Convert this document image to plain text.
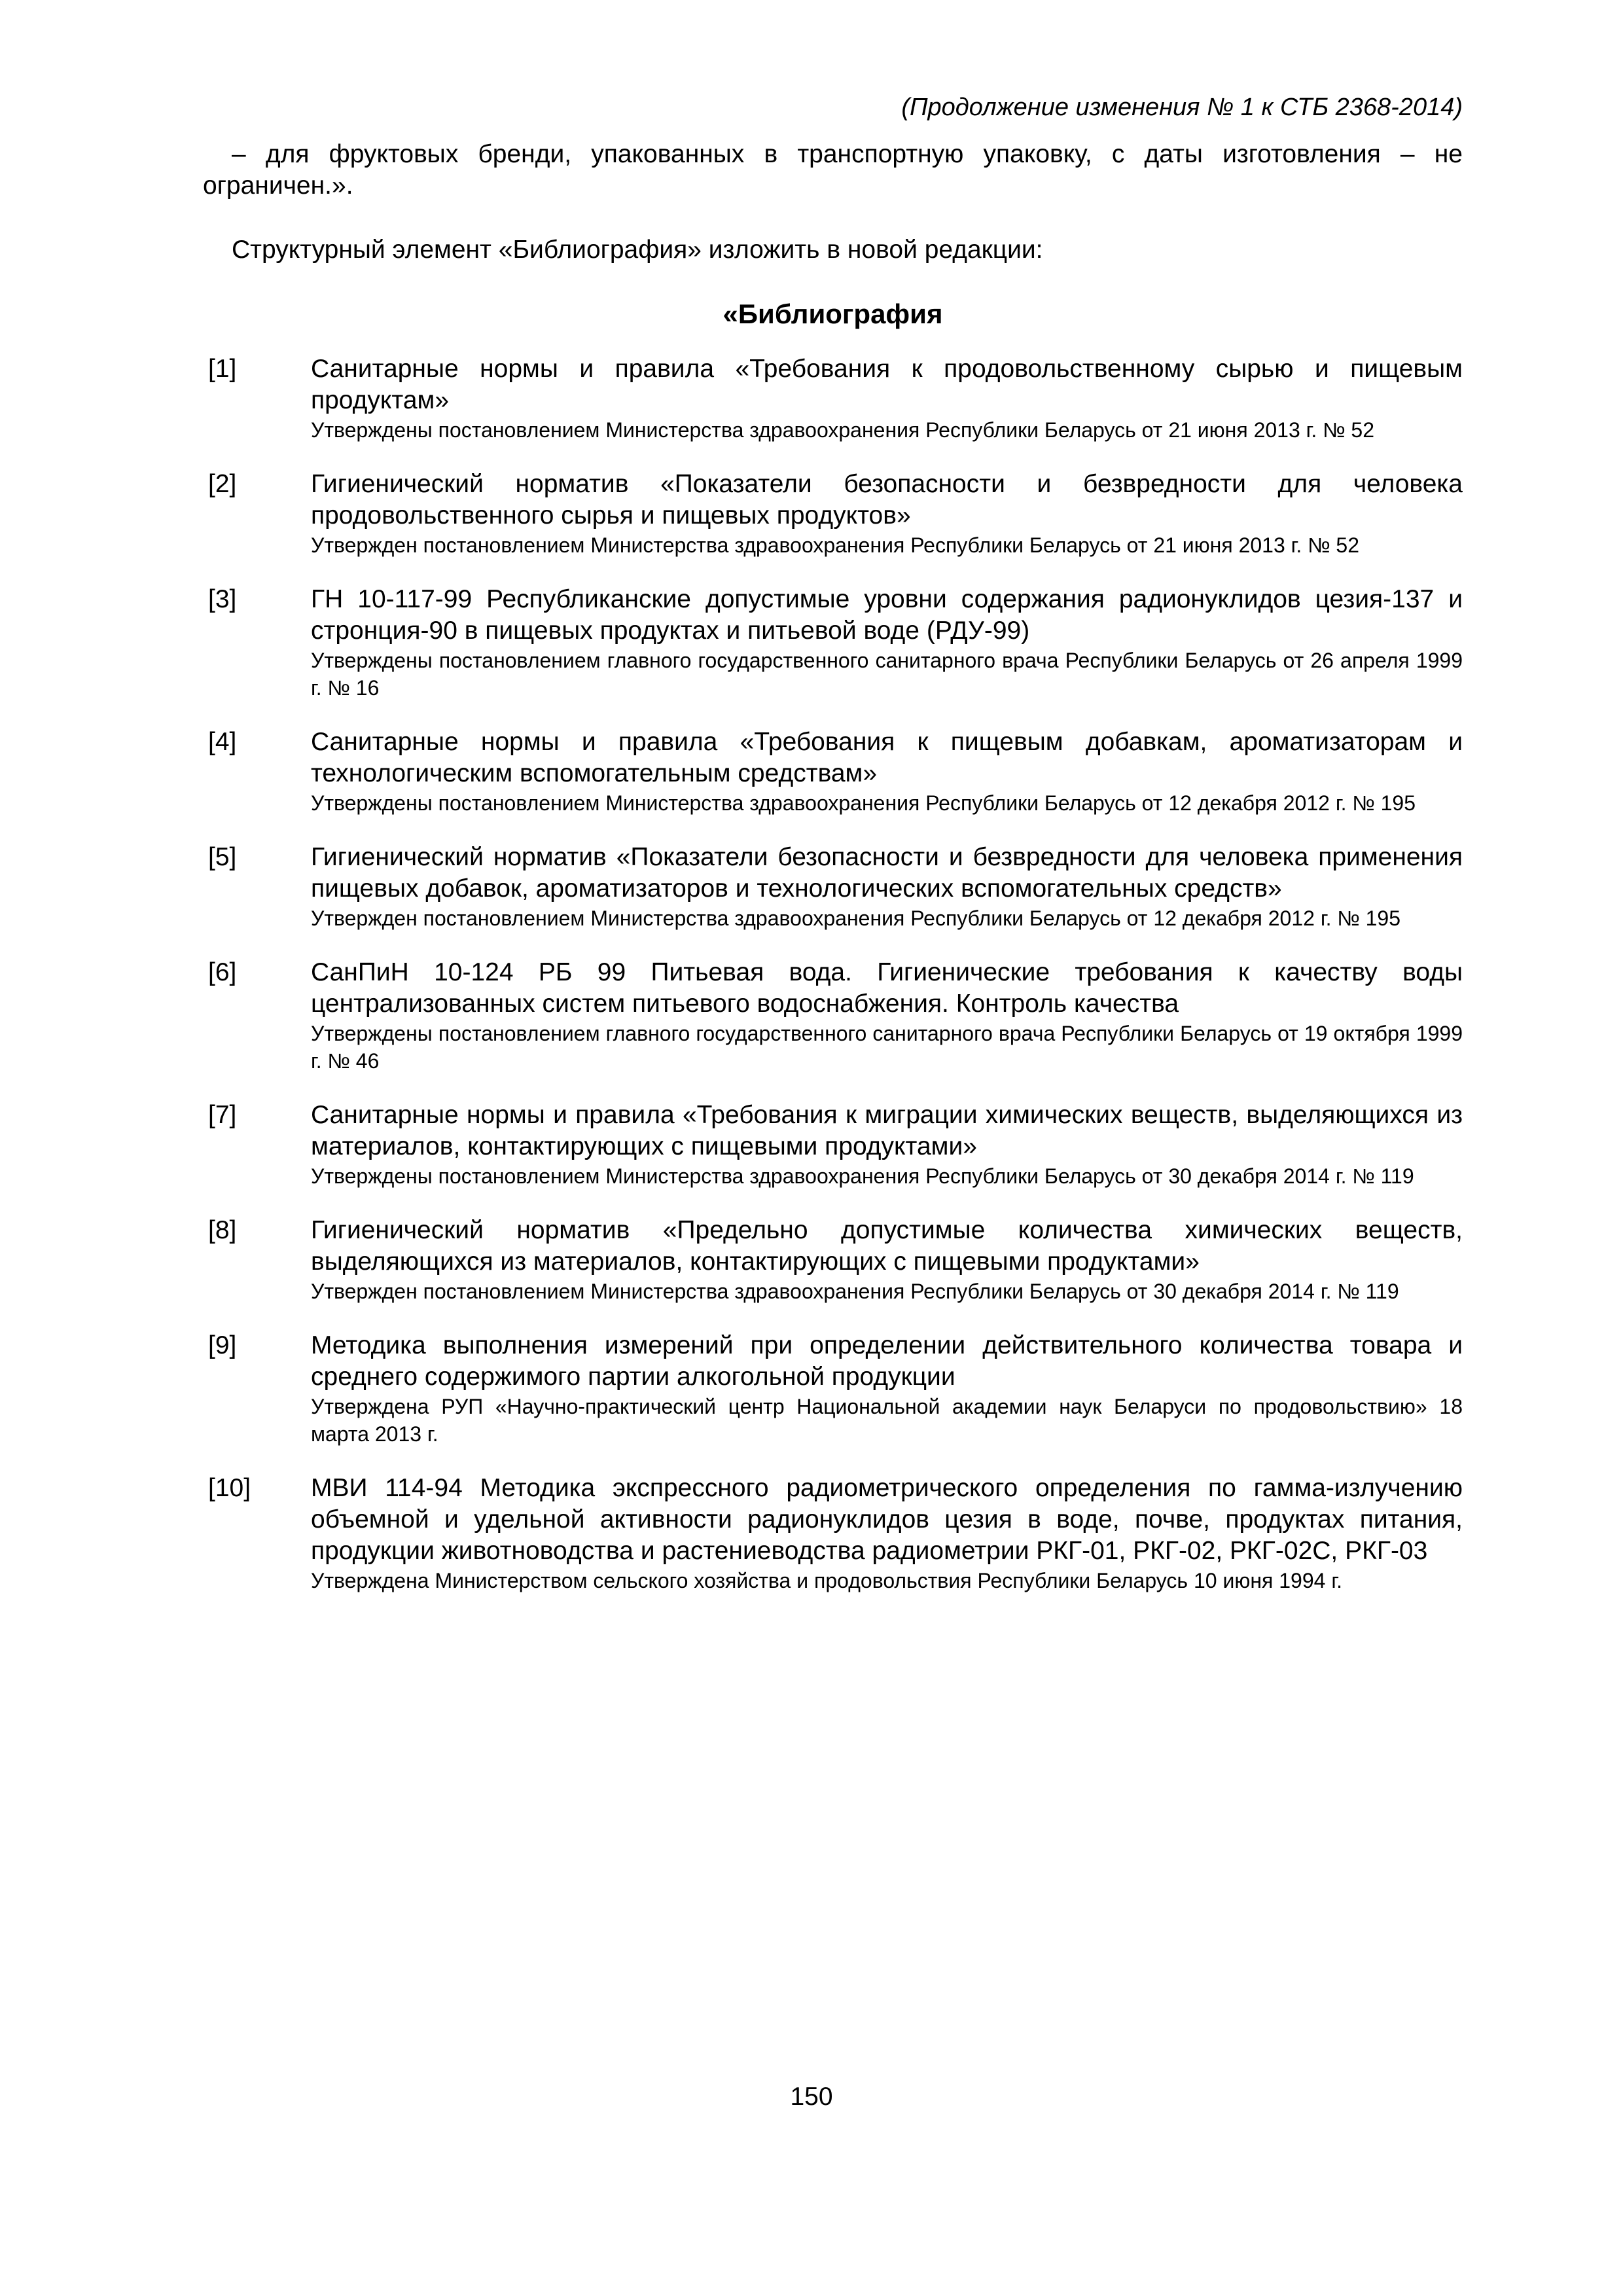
(Продолжение изменения № 1 к СТБ 2368-2014)

– для фруктовых бренди, упакованных в транспортную упаковку, с даты изготовления – не ограничен.».

Структурный элемент «Библиография» изложить в новой редакции:

«Библиография
[1]	Санитарные нормы и правила «Требования к продовольственному сырью и пищевым продуктам»

Утверждены постановлением Министерства здравоохранения Республики Беларусь от 21 июня 2013 г. № 52

[2]	Гигиенический норматив «Показатели безопасности и безвредности для человека продовольственного сырья и пищевых продуктов»

Утвержден постановлением Министерства здравоохранения Республики Беларусь от 21 июня 2013 г. № 52

[3]	ГН 10-117-99 Республиканские допустимые уровни содержания радионуклидов цезия-137 и стронция-90 в пищевых продуктах и питьевой воде (РДУ-99)

Утверждены постановлением главного государственного санитарного врача Республики Беларусь от 26 апреля 1999 г. № 16

[4]	Санитарные нормы и правила «Требования к пищевым добавкам, ароматизаторам и технологическим вспомогательным средствам»

Утверждены постановлением Министерства здравоохранения Республики Беларусь от 12 декабря 2012 г. № 195

[5]	Гигиенический норматив «Показатели безопасности и безвредности для человека применения пищевых добавок, ароматизаторов и технологических вспомогательных средств»

Утвержден постановлением Министерства здравоохранения Республики Беларусь от 12 декабря 2012 г. № 195

[6]	СанПиН 10-124 РБ 99 Питьевая вода. Гигиенические требования к качеству воды централизованных систем питьевого водоснабжения. Контроль качества

Утверждены постановлением главного государственного санитарного врача Республики Беларусь от 19 октября 1999 г. № 46

[7]	Санитарные нормы и правила «Требования к миграции химических веществ, выделяющихся из материалов, контактирующих с пищевыми продуктами»

Утверждены постановлением Министерства здравоохранения Республики Беларусь от 30 декабря 2014 г. № 119

[8]	Гигиенический норматив «Предельно допустимые количества химических веществ, выделяющихся из материалов, контактирующих с пищевыми продуктами»

Утвержден постановлением Министерства здравоохранения Республики Беларусь от 30 декабря 2014 г. № 119

[9]	Методика выполнения измерений при определении действительного количества товара и среднего содержимого партии алкогольной продукции

Утверждена РУП «Научно-практический центр Национальной академии наук Беларуси по продовольствию» 18 марта 2013 г.

[10]	МВИ 114-94 Методика экспрессного радиометрического определения по гамма-излучению объемной и удельной активности радионуклидов цезия в воде, почве, продуктах питания, продукции животноводства и растениеводства радиометрии РКГ-01, РКГ-02, РКГ-02С, РКГ-03

Утверждена Министерством сельского хозяйства и продовольствия Республики Беларусь 10 июня 1994 г.

150
